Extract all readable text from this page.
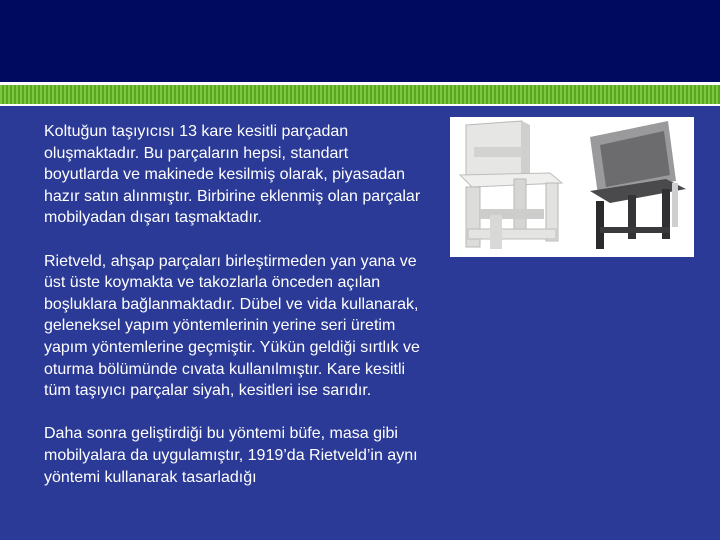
Koltuğun taşıyıcısı 13 kare kesitli parçadan oluşmaktadır. Bu parçaların hepsi, standart boyutlarda ve makinede kesilmiş olarak, piyasadan hazır satın alınmıştır. Birbirine eklenmiş olan parçalar mobilyadan dışarı taşmaktadır.

Rietveld, ahşap parçaları birleştirmeden yan yana ve üst üste koymakta ve takozlarla önceden açılan boşluklara bağlanmaktadır. Dübel ve vida kullanarak, geleneksel yapım yöntemlerinin yerine seri üretim yapım yöntemlerine geçmiştir. Yükün geldiği sırtlık ve oturma bölümünde cıvata kullanılmıştır. Kare kesitli tüm taşıyıcı parçalar siyah, kesitleri ise sarıdır.

Daha sonra geliştirdiği bu yöntemi büfe, masa gibi mobilyalara da uygulamıştır, 1919’da Rietveld’in aynı yöntemi kullanarak tasarladığı
